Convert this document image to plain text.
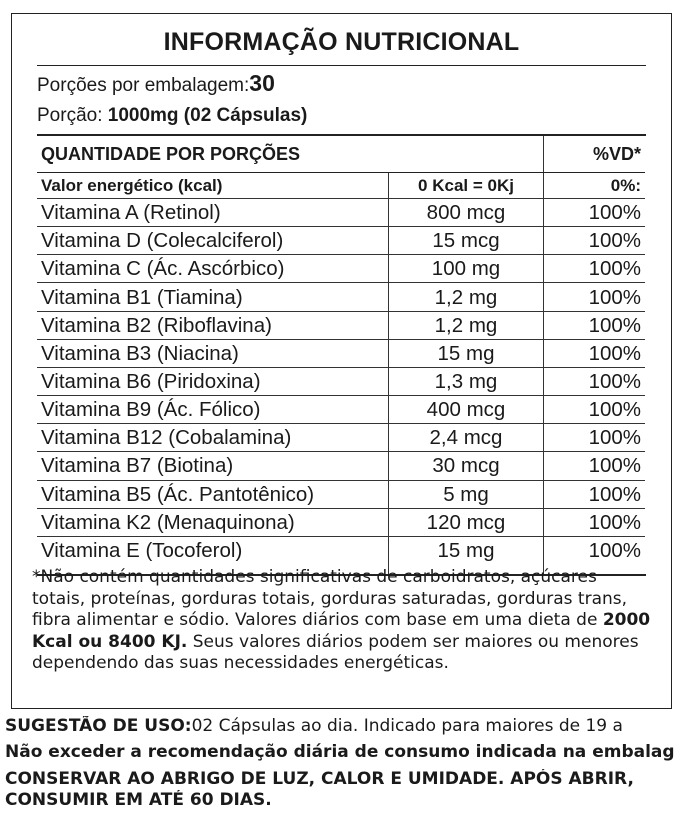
INFORMAÇÃO NUTRICIONAL
Porções por embalagem:30
Porção: 1000mg (02 Cápsulas)
QUANTIDADE POR PORÇÕES	%VD*
Valor energético (kcal)	0 Kcal = 0Kj	0%:
Vitamina A (Retinol)	800 mcg	100%
Vitamina D (Colecalciferol)	15 mcg	100%
Vitamina C (Ác. Ascórbico)	100 mg	100%
Vitamina B1 (Tiamina)	1,2 mg	100%
Vitamina B2 (Riboflavina)	1,2 mg	100%
Vitamina B3 (Niacina)	15 mg	100%
Vitamina B6 (Piridoxina)	1,3 mg	100%
Vitamina B9 (Ác. Fólico)	400 mcg	100%
Vitamina B12 (Cobalamina)	2,4 mcg	100%
Vitamina B7 (Biotina)	30 mcg	100%
Vitamina B5 (Ác. Pantotênico)	5 mg	100%
Vitamina K2 (Menaquinona)	120 mcg	100%
Vitamina E (Tocoferol)	15 mg	100%
*Não contém quantidades significativas de carboidratos, açúcares totais, proteínas, gorduras totais, gorduras saturadas, gorduras trans, fibra alimentar e sódio. Valores diários com base em uma dieta de 2000 Kcal ou 8400 KJ. Seus valores diários podem ser maiores ou menores dependendo das suas necessidades energéticas.
SUGESTÃO DE USO:02 Cápsulas ao dia. Indicado para maiores de 19 a
Não exceder a recomendação diária de consumo indicada na embalag
CONSERVAR AO ABRIGO DE LUZ, CALOR E UMIDADE. APÓS ABRIR,
CONSUMIR EM ATÉ 60 DIAS.
